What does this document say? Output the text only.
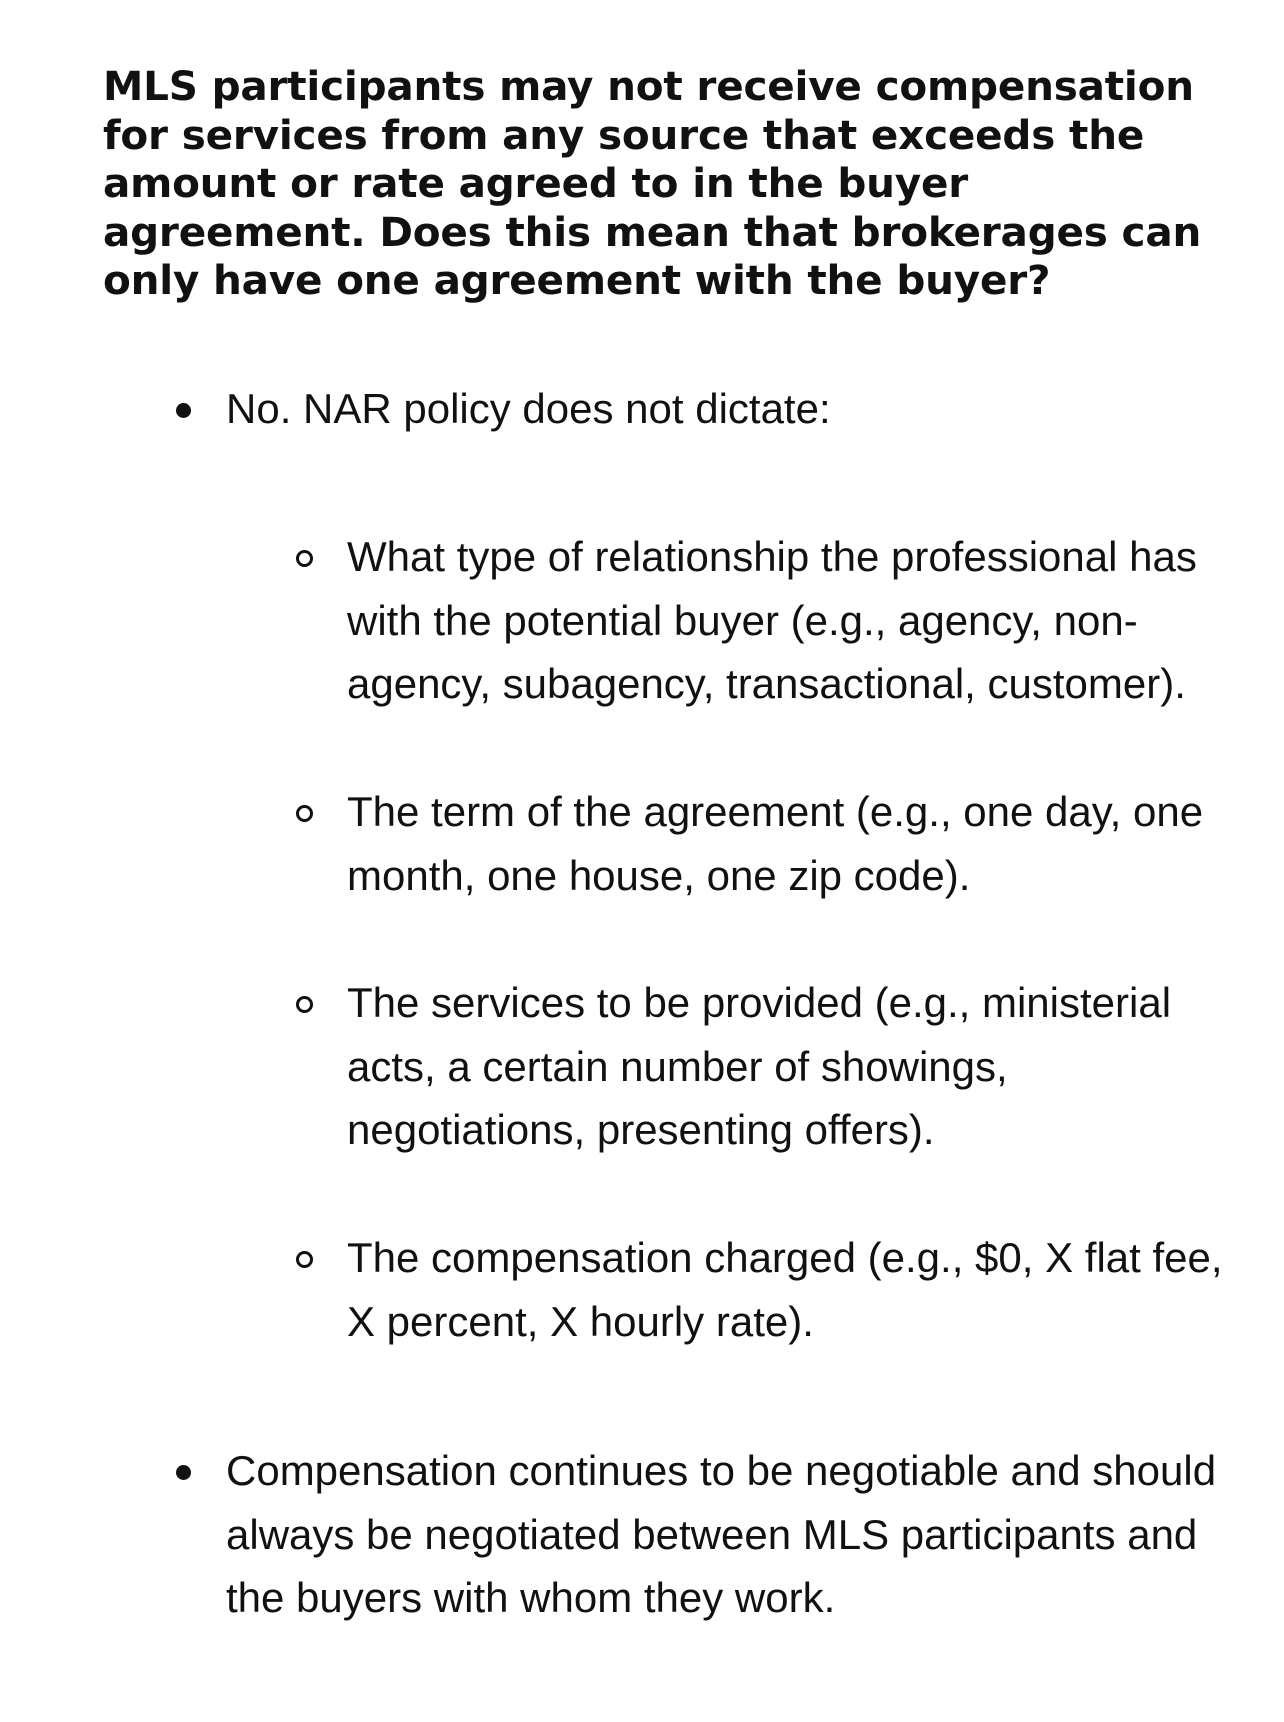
MLS participants may not receive compensation for services from any source that exceeds the amount or rate agreed to in the buyer agreement. Does this mean that brokerages can only have one agreement with the buyer?

No. NAR policy does not dictate:

What type of relationship the professional has with the potential buyer (e.g., agency, non-agency, subagency, transactional, customer).

The term of the agreement (e.g., one day, one month, one house, one zip code).

The services to be provided (e.g., ministerial acts, a certain number of showings, negotiations, presenting offers).

The compensation charged (e.g., $0, X flat fee, X percent, X hourly rate).

Compensation continues to be negotiable and should always be negotiated between MLS participants and the buyers with whom they work.
